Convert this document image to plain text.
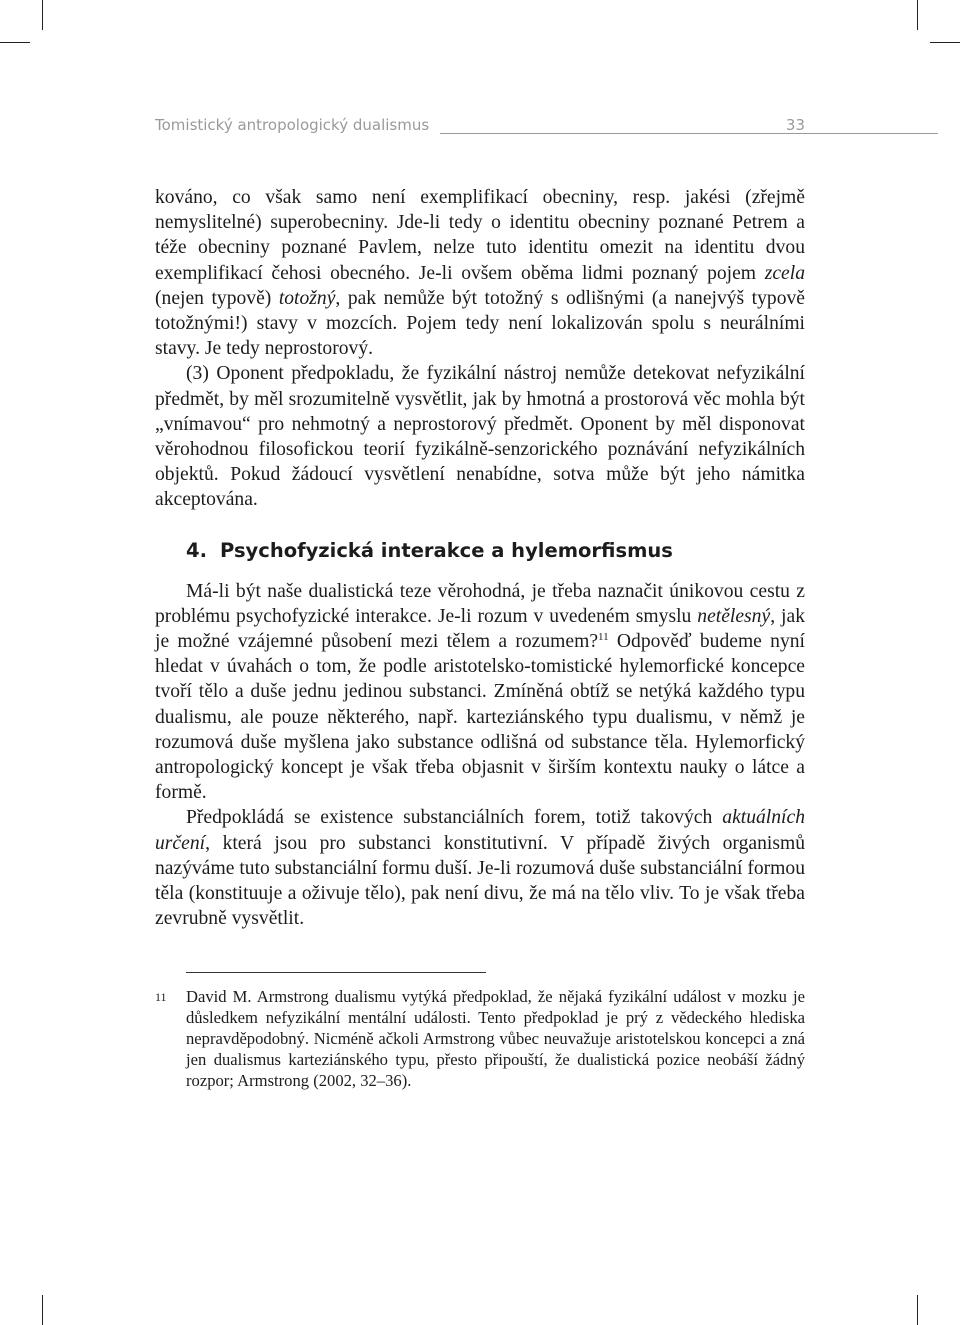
Tomistický antropologický dualismus	33

kováno, co však samo není exemplifikací obecniny, resp. jakési (zřejmě nemyslitelné) superobecniny. Jde-li tedy o identitu obecniny poznané Petrem a téže obecniny poznané Pavlem, nelze tuto identitu omezit na identitu dvou exemplifikací čehosi obecného. Je-li ovšem oběma lidmi poznaný pojem zcela (nejen typově) totožný, pak nemůže být totožný s odlišnými (a nanejvýš typově totožnými!) stavy v mozcích. Pojem tedy není lokalizován spolu s neurálními stavy. Je tedy neprostorový.

(3) Oponent předpokladu, že fyzikální nástroj nemůže detekovat nefyzikální předmět, by měl srozumitelně vysvětlit, jak by hmotná a prostorová věc mohla být „vnímavou“ pro nehmotný a neprostorový předmět. Oponent by měl disponovat věrohodnou filosofickou teorií fyzikálně-senzorického poznávání nefyzikálních objektů. Pokud žádoucí vysvětlení nenabídne, sotva může být jeho námitka akceptována.

4. Psychofyzická interakce a hylemorfismus

Má-li být naše dualistická teze věrohodná, je třeba naznačit únikovou cestu z problému psychofyzické interakce. Je-li rozum v uvedeném smyslu netělesný, jak je možné vzájemné působení mezi tělem a rozumem?$^{11}$ Odpověď budeme nyní hledat v úvahách o tom, že podle aristotelsko-tomistické hylemorfické koncepce tvoří tělo a duše jednu jedinou substanci. Zmíněná obtíž se netýká každého typu dualismu, ale pouze některého, např. karteziánského typu dualismu, v němž je rozumová duše myšlena jako substance odlišná od substance těla. Hylemorfický antropologický koncept je však třeba objasnit v širším kontextu nauky o látce a formě.

Předpokládá se existence substanciálních forem, totiž takových aktuálních určení, která jsou pro substanci konstitutivní. V případě živých organismů nazýváme tuto substanciální formu duší. Je-li rozumová duše substanciální formou těla (konstituuje a oživuje tělo), pak není divu, že má na tělo vliv. To je však třeba zevrubně vysvětlit.

11 David M. Armstrong dualismu vytýká předpoklad, že nějaká fyzikální událost v mozku je důsledkem nefyzikální mentální události. Tento předpoklad je prý z vědeckého hlediska nepravděpodobný. Nicméně ačkoli Armstrong vůbec neuvažuje aristotelskou koncepci a zná jen dualismus karteziánského typu, přesto připouští, že dualistická pozice neobáší žádný rozpor; Armstrong (2002, 32–36).
